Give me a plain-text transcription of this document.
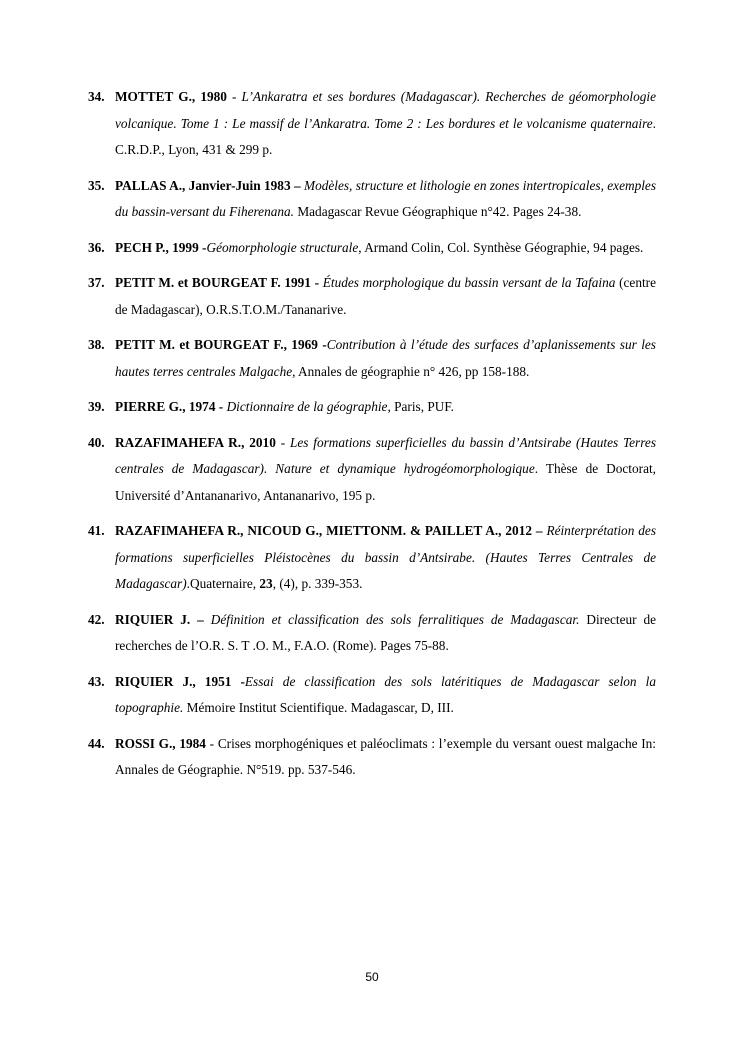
34. MOTTET G., 1980 - L’Ankaratra et ses bordures (Madagascar). Recherches de géomorphologie volcanique. Tome 1 : Le massif de l’Ankaratra. Tome 2 : Les bordures et le volcanisme quaternaire. C.R.D.P., Lyon, 431 & 299 p.

35. PALLAS A., Janvier-Juin 1983 – Modèles, structure et lithologie en zones intertropicales, exemples du bassin-versant du Fiherenana. Madagascar Revue Géographique n°42. Pages 24-38.

36. PECH P., 1999 -Géomorphologie structurale, Armand Colin, Col. Synthèse Géographie, 94 pages.

37. PETIT M. et BOURGEAT F. 1991 - Études morphologique du bassin versant de la Tafaina (centre de Madagascar), O.R.S.T.O.M./Tananarive.

38. PETIT M. et BOURGEAT F., 1969 -Contribution à l’étude des surfaces d’aplanissements sur les hautes terres centrales Malgache, Annales de géographie n° 426, pp 158-188.

39. PIERRE G., 1974 - Dictionnaire de la géographie, Paris, PUF.

40. RAZAFIMAHEFA R., 2010 - Les formations superficielles du bassin d’Antsirabe (Hautes Terres centrales de Madagascar). Nature et dynamique hydrogéomorphologique. Thèse de Doctorat, Université d’Antananarivo, Antananarivo, 195 p.

41. RAZAFIMAHEFA R., NICOUD G., MIETTONM. & PAILLET A., 2012 – Réinterprétation des formations superficielles Pléistocènes du bassin d’Antsirabe. (Hautes Terres Centrales de Madagascar).Quaternaire, 23, (4), p. 339-353.

42. RIQUIER J. – Définition et classification des sols ferralitiques de Madagascar. Directeur de recherches de l’O.R. S. T .O. M., F.A.O. (Rome). Pages 75-88.

43. RIQUIER J., 1951 -Essai de classification des sols latéritiques de Madagascar selon la topographie. Mémoire Institut Scientifique. Madagascar, D, III.

44. ROSSI G., 1984 - Crises morphogéniques et paléoclimats : l’exemple du versant ouest malgache In: Annales de Géographie. N°519. pp. 537-546.

50
